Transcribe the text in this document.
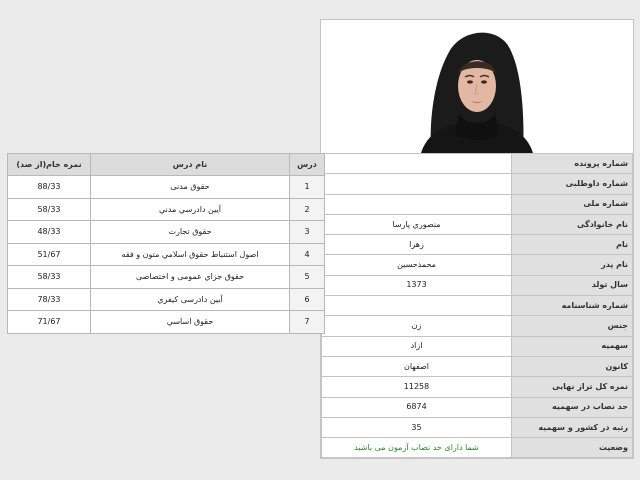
	شماره پرونده
	شماره داوطلبی
	شماره ملی
منصوري پارسا	نام خانوادگی
زهرا	نام
محمدحسین	نام پدر
1373	سال تولد
	شماره شناسنامه
زن	جنس
ازاد	سهمیه
اصفهان	کانون
11258	نمره کل تراز نهایی
6874	حد نصاب در سهمیه
35	رتبه در کشور و سهمیه
شما دارای حد نصاب آزمون می باشید	وضعیت
نمره خام(از صد)	نام درس	درس
88/33	حقوق مدنی	1
58/33	آيين دادرسي مدني	2
48/33	حقوق تجارت	3
51/67	اصول استنباط حقوق اسلامي متون و فقه	4
58/33	حقوق جزاي عمومی و اختصاصی	5
78/33	آيين دادرسی كيفري	6
71/67	حقوق اساسي	7
